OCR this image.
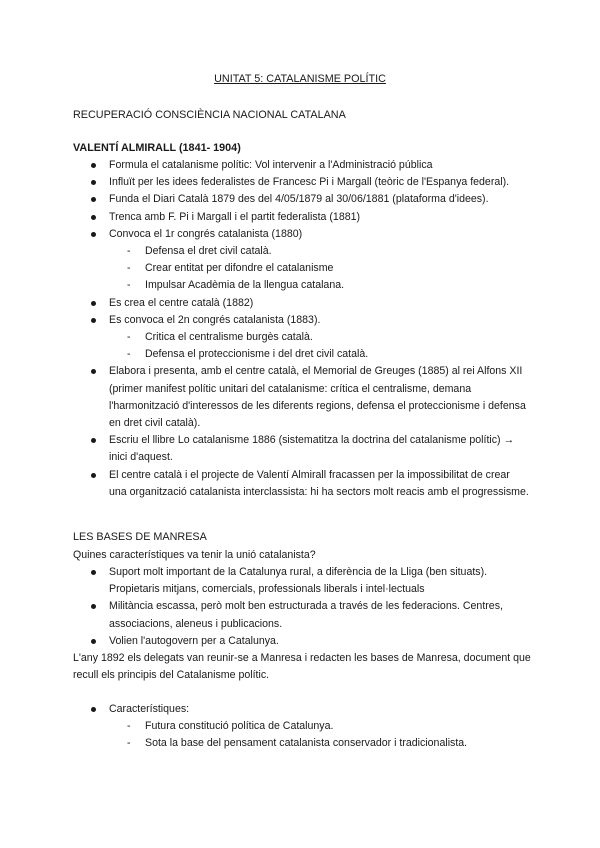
UNITAT 5: CATALANISME POLÍTIC
RECUPERACIÓ CONSCIÈNCIA NACIONAL CATALANA
VALENTÍ ALMIRALL (1841- 1904)
Formula el catalanisme polític: Vol intervenir a l'Administració pública
Influït per les idees federalistes de Francesc Pi i Margall (teòric de l'Espanya federal).
Funda el Diari Català 1879 des del 4/05/1879 al 30/06/1881 (plataforma d'idees).
Trenca amb F. Pi i Margall i el partit federalista (1881)
Convoca el 1r congrés catalanista (1880)
- Defensa el dret civil català.
- Crear entitat per difondre el catalanisme
- Impulsar Acadèmia de la llengua catalana.
Es crea el centre català (1882)
Es convoca el 2n congrés catalanista (1883).
- Critica el centralisme burgès català.
- Defensa el proteccionisme i del dret civil català.
Elabora i presenta, amb el centre català, el Memorial de Greuges (1885) al rei Alfons XII (primer manifest polític unitari del catalanisme: crítica el centralisme, demana l'harmonització d'interessos de les diferents regions, defensa el proteccionisme i defensa en dret civil català).
Escriu el llibre Lo catalanisme 1886 (sistematitza la doctrina del catalanisme polític) → inici d'aquest.
El centre català i el projecte de Valentí Almirall fracassen per la impossibilitat de crear una organització catalanista interclassista: hi ha sectors molt reacis amb el progressisme.
LES BASES DE MANRESA
Quines característiques va tenir la unió catalanista?
Suport molt important de la Catalunya rural, a diferència de la Lliga (ben situats). Propietaris mitjans, comercials, professionals liberals i intel·lectuals
Militància escassa, però molt ben estructurada a través de les federacions. Centres, associacions, aleneus i publicacions.
Volien l'autogovern per a Catalunya.
L'any 1892 els delegats van reunir-se a Manresa i redacten les bases de Manresa, document que recull els principis del Catalanisme polític.
Característiques:
- Futura constitució política de Catalunya.
- Sota la base del pensament catalanista conservador i tradicionalista.
